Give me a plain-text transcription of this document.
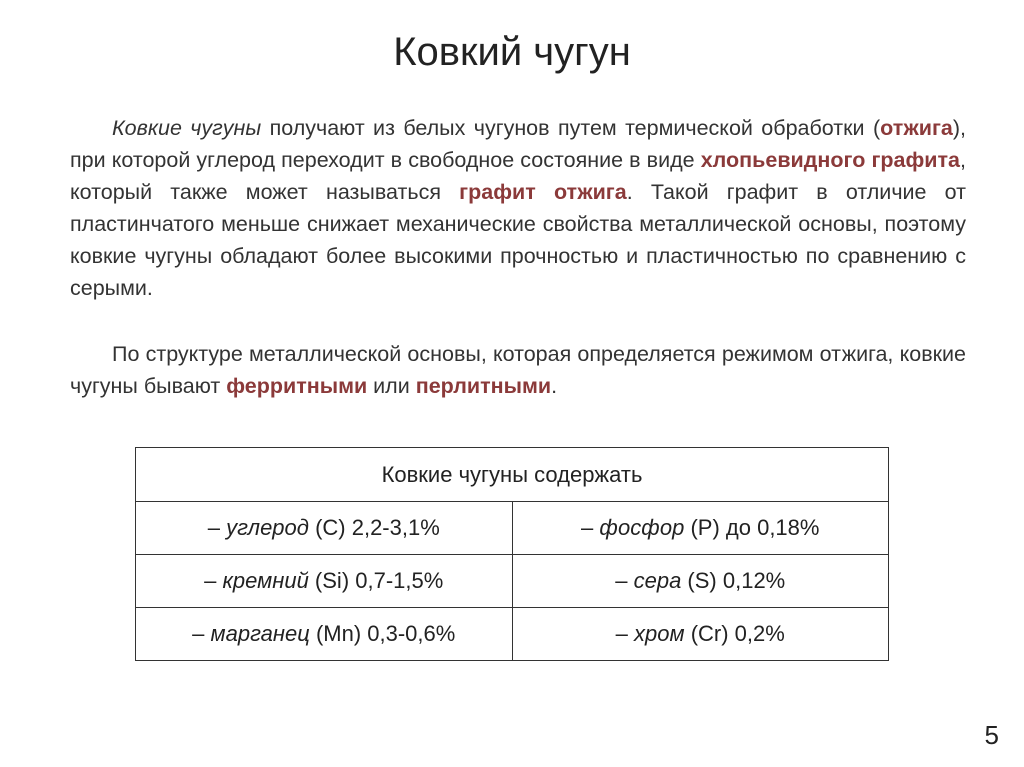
Ковкий чугун

Ковкие чугуны получают из белых чугунов путем термической обработки (отжига), при которой углерод переходит в свободное состояние в виде хлопьевидного графита, который также может называться графит отжига. Такой графит в отличие от пластинчатого меньше снижает механические свойства металлической основы, поэтому ковкие чугуны обладают более высокими прочностью и пластичностью по сравнению с серыми.

По структуре металлической основы, которая определяется режимом отжига, ковкие чугуны бывают ферритными или перлитными.

Ковкие чугуны содержать	
– углерод (C) 2,2-3,1%	– фосфор (P) до 0,18%
– кремний (Si) 0,7-1,5%	– сера (S) 0,12%
– марганец (Mn) 0,3-0,6%	– хром (Cr) 0,2%
5
